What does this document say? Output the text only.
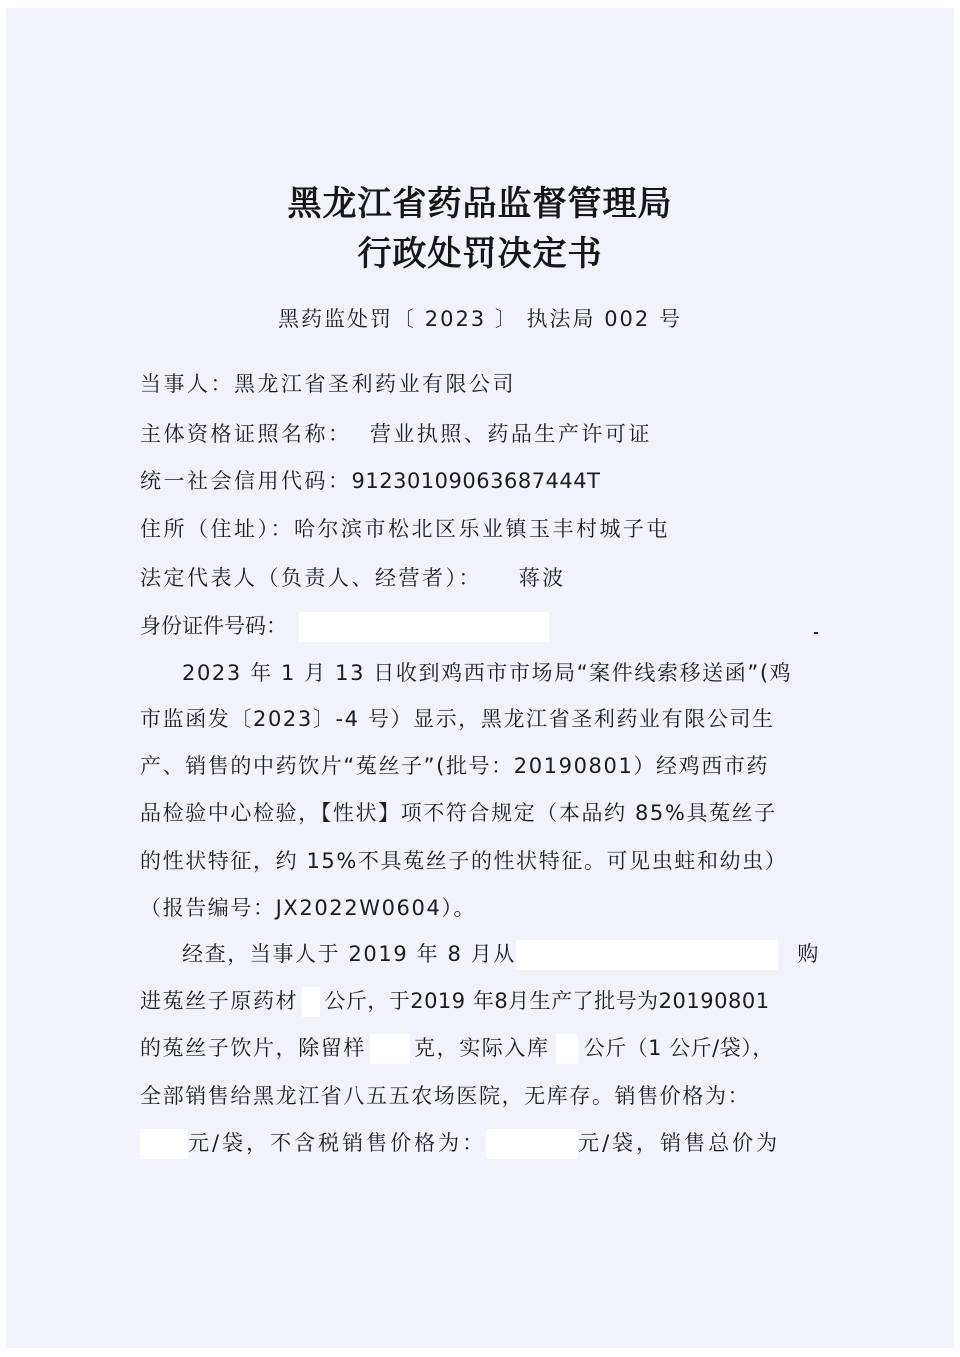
黑龙江省药品监督管理局
行政处罚决定书
黑药监处罚〔 2023 〕 执法局 002 号
当事人：黑龙江省圣利药业有限公司
主体资格证照名称： 营业执照、药品生产许可证
统一社会信用代码：91230109063687444T
住所（住址）：哈尔滨市松北区乐业镇玉丰村城子屯
法定代表人（负责人、经营者）： 蒋波
身份证件号码：
2023 年 1 月 13 日收到鸡西市市场局“案件线索移送函”(鸡
市监函发〔2023〕-4 号）显示，黑龙江省圣利药业有限公司生
产、销售的中药饮片“菟丝子”(批号：20190801）经鸡西市药
品检验中心检验，【性状】项不符合规定（本品约 85%具菟丝子
的性状特征，约 15%不具菟丝子的性状特征。可见虫蛀和幼虫）
（报告编号：JX2022W0604）。
经查，当事人于 2019 年 8 月从	购
进菟丝子原药材 公斤，于2019 年8月生产了批号为20190801
的菟丝子饮片，除留样 克，实际入库 公斤（1 公斤/袋），
全部销售给黑龙江省八五五农场医院，无库存。销售价格为：
元/袋，不含税销售价格为：	元/袋，销售总价为
